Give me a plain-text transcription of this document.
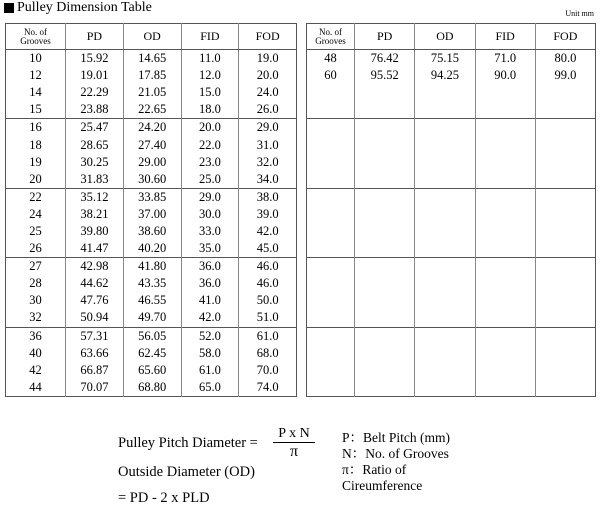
Pulley Dimension Table	Unit mm
No. of
Grooves	PD	OD	FID	FOD
10	15.92	14.65	11.0	19.0
12	19.01	17.85	12.0	20.0
14	22.29	21.05	15.0	24.0
15	23.88	22.65	18.0	26.0
16	25.47	24.20	20.0	29.0
18	28.65	27.40	22.0	31.0
19	30.25	29.00	23.0	32.0
20	31.83	30.60	25.0	34.0
22	35.12	33.85	29.0	38.0
24	38.21	37.00	30.0	39.0
25	39.80	38.60	33.0	42.0
26	41.47	40.20	35.0	45.0
27	42.98	41.80	36.0	46.0
28	44.62	43.35	36.0	46.0
30	47.76	46.55	41.0	50.0
32	50.94	49.70	42.0	51.0
36	57.31	56.05	52.0	61.0
40	63.66	62.45	58.0	68.0
42	66.87	65.60	61.0	70.0
44	70.07	68.80	65.0	74.0
No. of
Grooves	PD	OD	FID	FOD
48	76.42	75.15	71.0	80.0
60	95.52	94.25	90.0	99.0

Pulley Pitch Diameter = $\frac{\text{P x N}}{\pi}$
Outside Diameter (OD)
= PD - 2 x PLD
P：Belt Pitch (mm)
N：No. of Grooves
π：Ratio of
Cireumference
